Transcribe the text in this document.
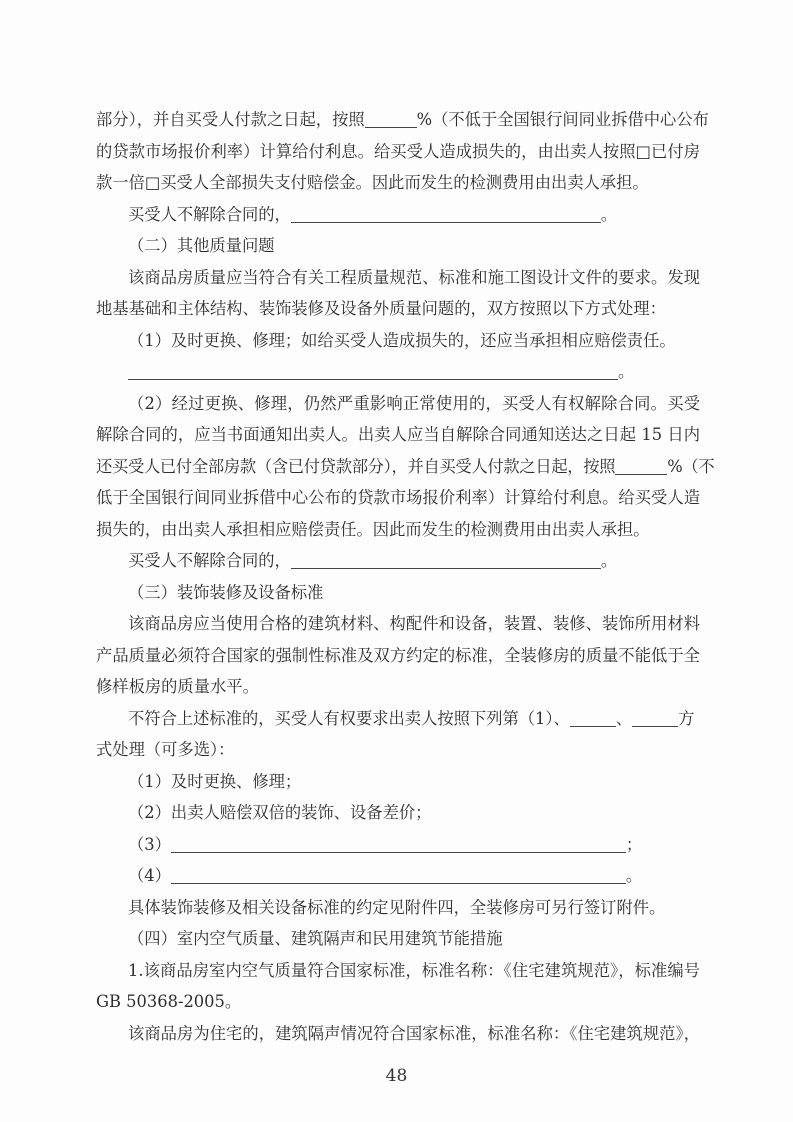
部分），并自买受人付款之日起，按照	%（不低于全国银行间同业拆借中心公布
的贷款市场报价利率）计算给付利息。给买受人造成损失的，由出卖人按照□已付房
款一倍□买受人全部损失支付赔偿金。因此而发生的检测费用由出卖人承担。
买受人不解除合同的，	。
（二）其他质量问题
该商品房质量应当符合有关工程质量规范、标准和施工图设计文件的要求。发现
地基基础和主体结构、装饰装修及设备外质量问题的，双方按照以下方式处理：
（1）及时更换、修理；如给买受人造成损失的，还应当承担相应赔偿责任。
。
（2）经过更换、修理，仍然严重影响正常使用的，买受人有权解除合同。买受
解除合同的，应当书面通知出卖人。出卖人应当自解除合同通知送达之日起 15 日内
还买受人已付全部房款（含已付贷款部分），并自买受人付款之日起，按照	%（不
低于全国银行间同业拆借中心公布的贷款市场报价利率）计算给付利息。给买受人造
损失的，由出卖人承担相应赔偿责任。因此而发生的检测费用由出卖人承担。
买受人不解除合同的，	。
（三）装饰装修及设备标准
该商品房应当使用合格的建筑材料、构配件和设备，装置、装修、装饰所用材料
产品质量必须符合国家的强制性标准及双方约定的标准，全装修房的质量不能低于全
修样板房的质量水平。
不符合上述标准的，买受人有权要求出卖人按照下列第（1）、	、	方
式处理（可多选）：
（1）及时更换、修理；
（2）出卖人赔偿双倍的装饰、设备差价；
（3）	；
（4）	。
具体装饰装修及相关设备标准的约定见附件四，全装修房可另行签订附件。
（四）室内空气质量、建筑隔声和民用建筑节能措施
1.该商品房室内空气质量符合国家标准，标准名称：《住宅建筑规范》，标准编号
GB 50368-2005。
该商品房为住宅的，建筑隔声情况符合国家标准，标准名称：《住宅建筑规范》，
48
